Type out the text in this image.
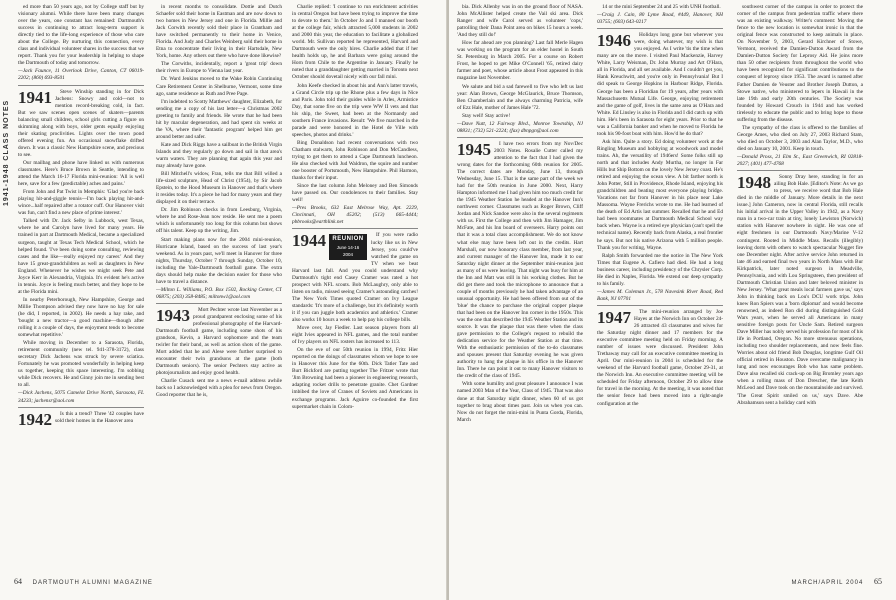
1941-1948 CLASS NOTES

ed more than 50 years ago, not by College staff but by visionary alumni. While there have been many changes over the years, one constant has remained: Dartmouth's success in continuing to attract long-term support is directly tied to the life-long experience of those who care about the College. By nurturing this connection, every class and individual volunteer shares in the success that we report. Thank you for your leadership in helping to shape the Dartmouth of today and tomorrow.

—Jack Faunce, 11 Overlook Drive, Canton, CT 06019-2202; (860) 693-8501

1941	Steve Winship standing in for Dick Jachens: Snowy and cold—not to mention record-breaking cold, in fact. But we saw scenes open scenes of skaters—parents balancing small children, school girls cutting a figure on skimming along with boys, older gents equally enjoying their skating proclivities. Lights over the town pond offered evening fun. An occasional snowflake drifted down. It was a classic New Hampshire scene, and precious to see.

Our mailbag and phone have linked us with numerous classmates. Here's Bruce Brown in Seattle, intending to attend the March 16-17 Florida mini-reunion: 'All is well here, save for a few (predictable) aches and pains.'

From John and Pat Twist in Memphis: 'Glad you're back playing hit-and-giggle tennis—I'm back playing hit-and-wince...half repaired after a rotator cuff. Our Hanover visit was fun, can't find a new place of prime interest.'

Talked with Dr. Jack Selby in Lubbock, west Texas, where he and Carolyn have lived for many years. He trained in part at Dartmouth Medical, became a specialized surgeon, taught at Texas Tech Medical School, which he helped found. 'I've been doing some consulting, reviewing cases and the like—really enjoyed my career.' And they have 15 great-grandchildren as well as daughters in New England. Whenever he wishes we might seek Pete and Joyce Kerr in Alexandria, Virginia. It's evident he's active in tennis. Joyce is feeling much better, and they hope to be at the Florida mini.

In nearby Peterborough, New Hampshire, George and Millie Thompson advised they now have no hay for sale (he did, I reported, in 2002). He needs a hay rake, and 'bought a new tractor—a good machine—though after rolling it a couple of days, the enjoyment tends to become somewhat repetitive.'

While moving in December to a Sarasota, Florida, retirement community (new tel. 941-378-3172), class secretary Dick Jachens was struck by severe sciatica. Fortunately he was promoted wonderfully in helping keep us together, keeping this space interesting. I'm sobbing while Dick recovers. He and Ginny join me in sending best to all.

—Dick Jachens, 5075 Camelot Drive North, Sarasota, FL 34233; jachensr@aol.com

1942	Is this a trend? Three '42 couples have sold their homes in the Hanover area

in recent months to consolidate. Dottie and Dutch Schaefer sold their home in Eastman and are now down to two homes in New Jersey and one in Florida. Millie and Jack Corwith recently sold their place in Grantham and have switched permanently to their home in Venice, Florida. And Judy and Charles Weinberg sold their home in Etna to concentrate their living in their Hartsdale, New York, home. Any others out there who have done likewise?

The Corwiths, incidentally, report a 'great trip' down their rivers in Europe to Vienna last year.

Dr. Ward Jenkins moved to the Wake Robin Continuing Care Retirement Center in Shelburne, Vermont, some time ago, same residence as Ruth and Pree Page.

I'm indebted to Scotty Matthews' daughter, Elizabeth, for sending me a copy of his last letter—a Christmas 2002 greeting to family and friends. He wrote that he had been hit by macular degeneration, and had spent six weeks at the VA, where their 'fantastic program' helped him get around better and safer.

Kate and Dick Riggs have a sailboat in the British Virgin Islands and they regularly go down and sail in that area's warm waters. They are planning that again this year and may already have gone.

Bill Mitchell's widow, Fran, tells me that Bill willed a life-sized sculpture, Head of Christ (1954), by Sir Jacob Epstein, to the Hood Museum in Hanover and that's where it resides today. It's a piece he had for many years and they displayed it on their terrace.

Dr. Jim Robinson checks in from Leesburg, Virginia, where he and Rose-Jean now reside. He sent me a poem which is unfortunately too long for this column but shows off his talent. Keep up the writing, Jim.

Start making plans now for the 2004 mini-reunion, Hurricane Island, based on the success of last year's weekend. As in years past, we'll meet in Hanover for three nights, Thursday, October 7 through Sunday, October 10, including the Yale-Dartmouth football game. The extra days should help make the decision easier for those who have to travel a distance.

—Milton L. Williams, P.O. Box 1502, Rocking Center, CT 06875; (203) 358-8485; miltonw1@aol.com

1943	Mort Pechter wrote last November as a proud grandparent enclosing some of his professional photography of the Harvard-Dartmouth football game, including some shots of his grandson, Kevin, a Harvard sophomore and the team twirler for their band, as well as action shots of the game. Mort added that he and Alese were further surprised to encounter their twin grandsons at the game (both Dartmouth seniors). The senior Pechters stay active as photojournalists and enjoy good health.

Charlie Cusack sent me a news e-mail address awhile back so I acknowledged with a plea for news from Oregon. Good reporter that he is,

Charlie replied: 'I continue to run enrichment activities in central Oregon but have been trying to improve the time to devote to them.' In October Jo and I manned our booth at the college fair, which attracted 5,000 students in 2002 and 2000 this year, the education to facilitate a globalized world. Mr. Sullivan reported he represented, Harvard and Dartmouth were the only hires. Charlie added that if her health holds up, he and Barbara were going around the Horn from Chile to the Argentine in January. Finally he noted that a granddaughter getting married in Toronto next October should dovetail nicely with our fall mini.

John Keefe checked in about his and Ann's latter travels, a Grand Circle trip up the Rhone plus a few days in Nice and Paris. John told their guides while in Arles, Armistice Day, that some five on the trip were WW II vets and that his ship, the Sweet, had been at the Normandy and southern France invasions. Result: 'We five marched in the parade and were honored in the Hotel de Ville with speeches, photos and drinks.'

Bing Donaldson had recent conversations with two Chatham stalwarts, John Robinson and Don McCandless, trying to get them to attend a Cape Dartmouth luncheon. He also checked with Jud Waldron, the squire and number one booster of Portsmouth, New Hampshire. Phil Harmon, thanks for their input.

Since the last column John Meloney and Ben Simonds have passed on. Our condolences to their families. Stay well!

—Pres Brooks, 632 East Melrose Way, Apt. 2229, Cincinnati, OH 45202; (513) 665-4444; pbbrooks@earthlink.net

1944	REUNION
June 14-16
2004

If you were radio lucky like us in New Jersey, you could've watched the game on TV when we beat Harvard last fall. And you could understand why Dartmouth's tight end Casey Cramer was rated a hot prospect with NFL scouts. Bob McLaughry, only able to listen on radio, missed seeing Cramer's astounding catches! The New York Times quoted Cramer on Ivy League standards: 'It's more of a challenge, but it's definitely worth it if you can juggle both academics and athletics.' Cramer also works 10 hours a week to help pay his college bills.

Move over, Jay Fiedler. Last season players from all eight Ivies appeared in NFL games, and the total number of Ivy players on NFL rosters has increased to 113.

On the eve of our 50th reunion in 1994, Fritz Hier reported on the doings of classmates whom we hope to see in Hanover this June for the 60th. Dick Tatler Tate and Burt Bickford are putting together The Fritzer wrote that 'Jim Browning had been a pioneer in engineering research, adapting rocket drills to penetrate granite. Chet Gardner imbibed the love of Cranes of Soviets and Americans in exchange programs. Jack Aguirre co-founded the first supermarket chain in Colom-

64 DARTMOUTH ALUMNI MAGAZINE

bia. Dick Allenby was in on the ground floor of NASA. John McAllister helped create the Vail ski area. Dick Ranger and wife Carol served as volunteer 'cops,' patrolling their Dana Point area on bikes 15 hours a week. 'And they still do!'

How far ahead are you planning? Last fall Merle Hagen was working on the program for an elder hostel in South St. Petersburg in March 2005. For a course on Robert Frost, he hoped to get Mike O'Connell '65, retired dairy farmer and poet, whose article about Frost appeared in this magazine last November.

We salute and bid a sad farewell to five who left us last year: Alan Brown, George McGlaurick, Bruce Thomson, Ben Chamberlain and the always charming Patricia, wife of Ezz Hale, mother of James Hale '72.

Stay well! Stay active!

—Dave Nutt, 12 Fairway Blvd., Monroe Township, NJ 08831; (732) 521-2224; (fax) dbnpgn@aol.com

1945	I have two errors from my Nov/Dec 2003 Notes. Rosalie Cutter called my attention to the fact that I had given the wrong dates for the forthcoming 60th reunion for 2005. The correct dates are Monday, June 13, through Wednesday, June 15. That is the same part of the week we had for the 50th reunion in June 2000. Next, Harry Hampton informed me I had given him too much credit for the 1945 Weather Station he headed at the Hanover Inn's northwest corner. Classmates such as Roger Brown, Cliff Jordan and Nick Sandoe were also in the several regiments with us. First the College and then with Jim Hamager, Jim McFate, and his Inn board of overseers. Harry points out that it was a total class accomplishment. We do not know what else may have been left out in the credits. Hart Marshall, our now honorary class member, from last year, and current manager of the Hanover Inn, made it to our Saturday night dinner at the September mini-reunion just as many of us were leaving. That night was busy for him at the Inn and Matt was still in his working clothes. But he did get there and took the microphone to announce that a couple of months previously he had taken advantage of an unusual opportunity. He had been offered from out of the 'blue' the chance to purchase the original copper plaque that had been on the Hanover Inn corner in the 1950s. This was the one that described the 1945 Weather Station and its source. It was the plaque that was there when the class gave permission to the College's request to rebuild the dedication service for the Weather Station at that time. With the enthusiastic permission of the to-do classmates and spouses present that Saturday evening he was given authority to hang the plaque in his office in the Hanover Inn. There he can point it out to many Hanover visitors to the credit of the class of 1945.

With some humility and great pleasure I announce I was named 2003 Man of the Year, Class of 1945. That was also done at that Saturday night dinner, when 60 of us got together to brag about times past. Join us when you can. Now do not forget the mini-mini in Punta Gorda, Florida, March

14 or the mini September 24 and 25 with UNH football.

—Craig J. Cain, 80 Lyme Road, #449, Hanover, NH 03755; (603) 643-0217

1946	Holidays long gone but wherever you were, doing whatever, my wish is that you enjoyed. As I write 'tis the time when many are on the move. I visited Paul Mackenzie, Harvey White, Larry Weisman, Dr. John Murray and Art O'Hara, all in Florida, and all set available. And I couldn't get you, Hank Kreuchwitt, and you're only in Pennsylvania! But I did speak to George Hopkins in Harbour Ridge, Florida. George has been a Floridian for 19 years, after years with Massachusetts Mutual Life. George, enjoying retirement and the game of golf, lives in the same area as O'Hara and White. Ed Linsley is also in Florida and I did catch up with him. He's been in Sarasota for eight years. Prior to that he was a California banker and when he moved to Florida he took his 90-foot boat with him. How'd he do that?

Ask him. Quite a story. Ed doing volunteer work at the Ringling Museum and hobbying at woodwork and model trains. Ah, the versatility of 1946ers! Some folks still up north and that includes Andy Murtha, no longer in Far Hills but Ship Bottom on the lovely New Jersey coast. He's retired and enjoying the ocean view. A bit farther north is John Potter, Still in Providence, Rhode Island, enjoying his grandchildren and beating most everyone playing bridge. Vacations not far from Hanover in his place near Lake Massoma. Wayne Frerichs wrote to me. He had learned of the death of Ed Artis last summer. Recalled that he and Ed had been roommates at Dartmouth Medical School way back when. Wayne is a retired eye physician (can't spell the technical name). Recently back from Alaska, a real frontier he says. But not his native Arizona with 5 million people. Thank you for writing, Wayne.

Ralph Smith forwarded me the notice in The New York Times that Eugene A. Cafiero had died. He had a long business career, including presidency of the Chrysler Corp. He died in Naples, Florida. We extend our deep sympathy to his family.

—James M. Coleman Jr., 578 Navesink River Road, Red Bank, NJ 07701

1947	The mini-reunion arranged by Joe Hayes at the Norwich Inn on October 24-26 attracted 43 classmates and wives for the Saturday night dinner and 17 members for the executive committee meeting held on Friday morning. A number of issues were discussed. President John Trethaway may call for an executive committee meeting in April. Our mini-reunion in 2004 is scheduled for the weekend of the Harvard football game, October 29-31, at the Norwich Inn. An executive committee meeting will be scheduled for Friday afternoon, October 29 to allow time for travel in the morning. At the meeting, it was noted that the senior fence had been moved into a right-angle configuration at the

southwest corner of the campus in order to protect the corner of the campus from pedestrian traffic where there was an existing walkway. Writer's comment: Moving the fence to the new location is somewhat ironic in that the original fence was constructed to keep animals in place. On November 9, 2003, Gerard Kirchner of Stowe, Vermont, received the Damien-Dutton Award from the Damien-Dutton Society for Leprosy Aid. He joins more than 50 other recipients from throughout the world who have been recognized for significant contributions to the conquest of leprosy since 1953. The award is named after Father Damien de Veuster and Brother Joseph Dutton, a Stowe native, who ministered to lepers in Hawaii in the late 19th and early 20th centuries. The Society was founded by Howard Crouch in 1944 and has worked tirelessly to educate the public and to bring hope to those suffering from the disease.

The sympathy of the class is offered to the families of George Ames, who died on July 27, 2003 Richard Stam, who died on October 3, 2003 and Alan Taylor, M.D., who died on January 10, 2001. Keep in touch.

—Donald Pross, 21 Elm St., East Greenwich, RI 02818-2027; (401) 477-4768

1948	Sonny Dray here, standing in for an ailing Bob Hale. [Editor's Note: As we go to press, we receive word that Bob Hale died in the middle of January. More details in the next issue.] John Cameron, now in central Florida, still recalls his initial arrival in the Upper Valley in 1942, as a Navy man in a two-car train at tiny, lonely Lewiston (Norwich) station with Hanover nowhere in sight. He was one of eight freshmen in our Dartmouth Navy/Marine V-12 contingent. Rooted in Middle Mass. Recalls (illegibly) leaving dorm with others to watch spectacular Nugget fire one December night. After active service John returned in late 46 and earned final two years in North Mass with Bur Kirkpatrick, later noted surgeon in Meadville, Pennsylvania, and with Lou Springsteen, then president of Dartmouth Christian Union and later beloved minister in New Jersey. 'What great meals local farmers gave us,' says John in thinking back on Lou's DCU work trips. John knew Ron Spiers was a 'born diplomat' and would become renowned, as indeed Ron did during distinguished Gold Wars years, when he served all Americans in many sensitive foreign posts for Uncle Sam. Retired surgeon Dave Miller has nobly served his profession for most of his life in Portland, Oregon. No more strenuous operations, including two shoulder replacements, and now feels fine. Worries about old friend Bob Douglas, longtime Gulf Oil official retired in Houston. Dave overcame malignancy in lung and now encourages Bob who has same problem. Dave also recalled ski crack-up on Big Bromley years ago when a rolling mass of Don Drescher, the late Keith McLeod and Dave took on the mountainside and survived. 'The Great Spirit smiled on us,' says Dave. Abe Abrahamson sent a holiday card with

MARCH/APRIL 2004 65
